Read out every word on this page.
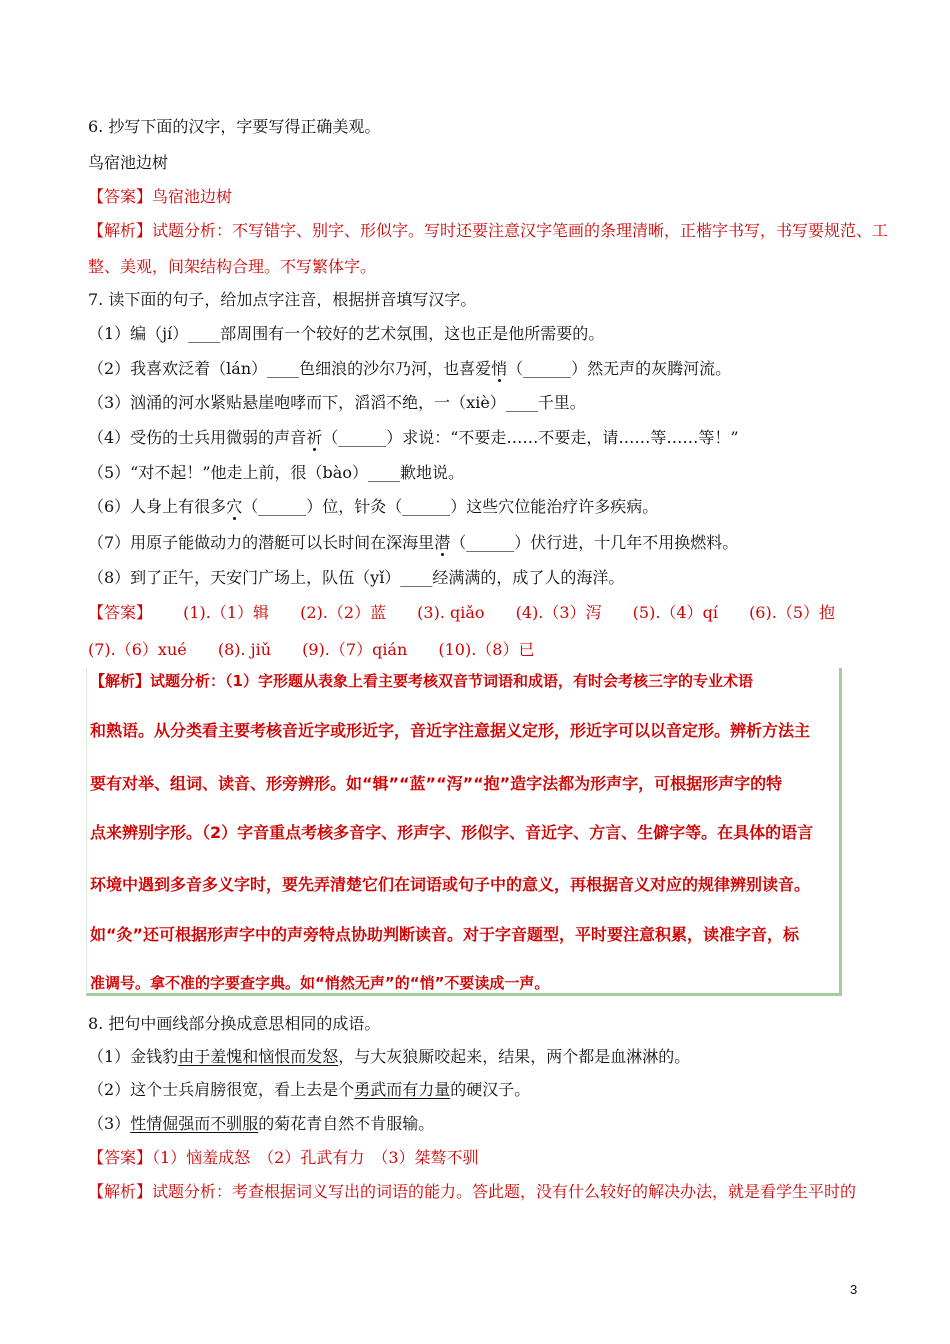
6. 抄写下面的汉字，字要写得正确美观。
鸟宿池边树
【答案】鸟宿池边树
【解析】试题分析：不写错字、别字、形似字。写时还要注意汉字笔画的条理清晰，正楷字书写，书写要规范、工
整、美观，间架结构合理。不写繁体字。
7. 读下面的句子，给加点字注音，根据拼音填写汉字。
（1）编（jí）____部周围有一个较好的艺术氛围，这也正是他所需要的。
（2）我喜欢泛着（lán）____色细浪的沙尔乃河，也喜爱悄（______）然无声的灰腾河流。
（3）汹涌的河水紧贴悬崖咆哮而下，滔滔不绝，一（xiè）____千里。
（4）受伤的士兵用微弱的声音祈（______）求说：“不要走……不要走，请……等……等！”
（5）“对不起！”他走上前，很（bào）____歉地说。
（6）人身上有很多穴（______）位，针灸（______）这些穴位能治疗许多疾病。
（7）用原子能做动力的潜艇可以长时间在深海里潜（______）伏行进，十几年不用换燃料。
（8）到了正午，天安门广场上，队伍（yǐ）____经满满的，成了人的海洋。
【答案】 (1).（1）辑 (2).（2）蓝 (3). qiǎo (4).（3）泻 (5).（4）qí (6).（5）抱
(7).（6）xué (8). jiǔ (9).（7）qián (10).（8）已
【解析】试题分析：（1）字形题从表象上看主要考核双音节词语和成语，有时会考核三字的专业术语
和熟语。从分类看主要考核音近字或形近字，音近字注意据义定形，形近字可以以音定形。辨析方法主
要有对举、组词、读音、形旁辨形。如“辑”“蓝”“泻”“抱”造字法都为形声字，可根据形声字的特
点来辨别字形。（2）字音重点考核多音字、形声字、形似字、音近字、方言、生僻字等。在具体的语言
环境中遇到多音多义字时，要先弄清楚它们在词语或句子中的意义，再根据音义对应的规律辨别读音。
如“灸”还可根据形声字中的声旁特点协助判断读音。对于字音题型，平时要注意积累，读准字音，标
准调号。拿不准的字要查字典。如“悄然无声”的“悄”不要读成一声。
8. 把句中画线部分换成意思相同的成语。
（1）金钱豹由于羞愧和恼恨而发怒，与大灰狼厮咬起来，结果，两个都是血淋淋的。
（2）这个士兵肩膀很宽，看上去是个勇武而有力量的硬汉子。
（3）性情倔强而不驯服的菊花青自然不肯服输。
【答案】（1）恼羞成怒　（2）孔武有力　（3）桀骜不驯
【解析】试题分析：考查根据词义写出的词语的能力。答此题，没有什么较好的解决办法，就是看学生平时的
3
